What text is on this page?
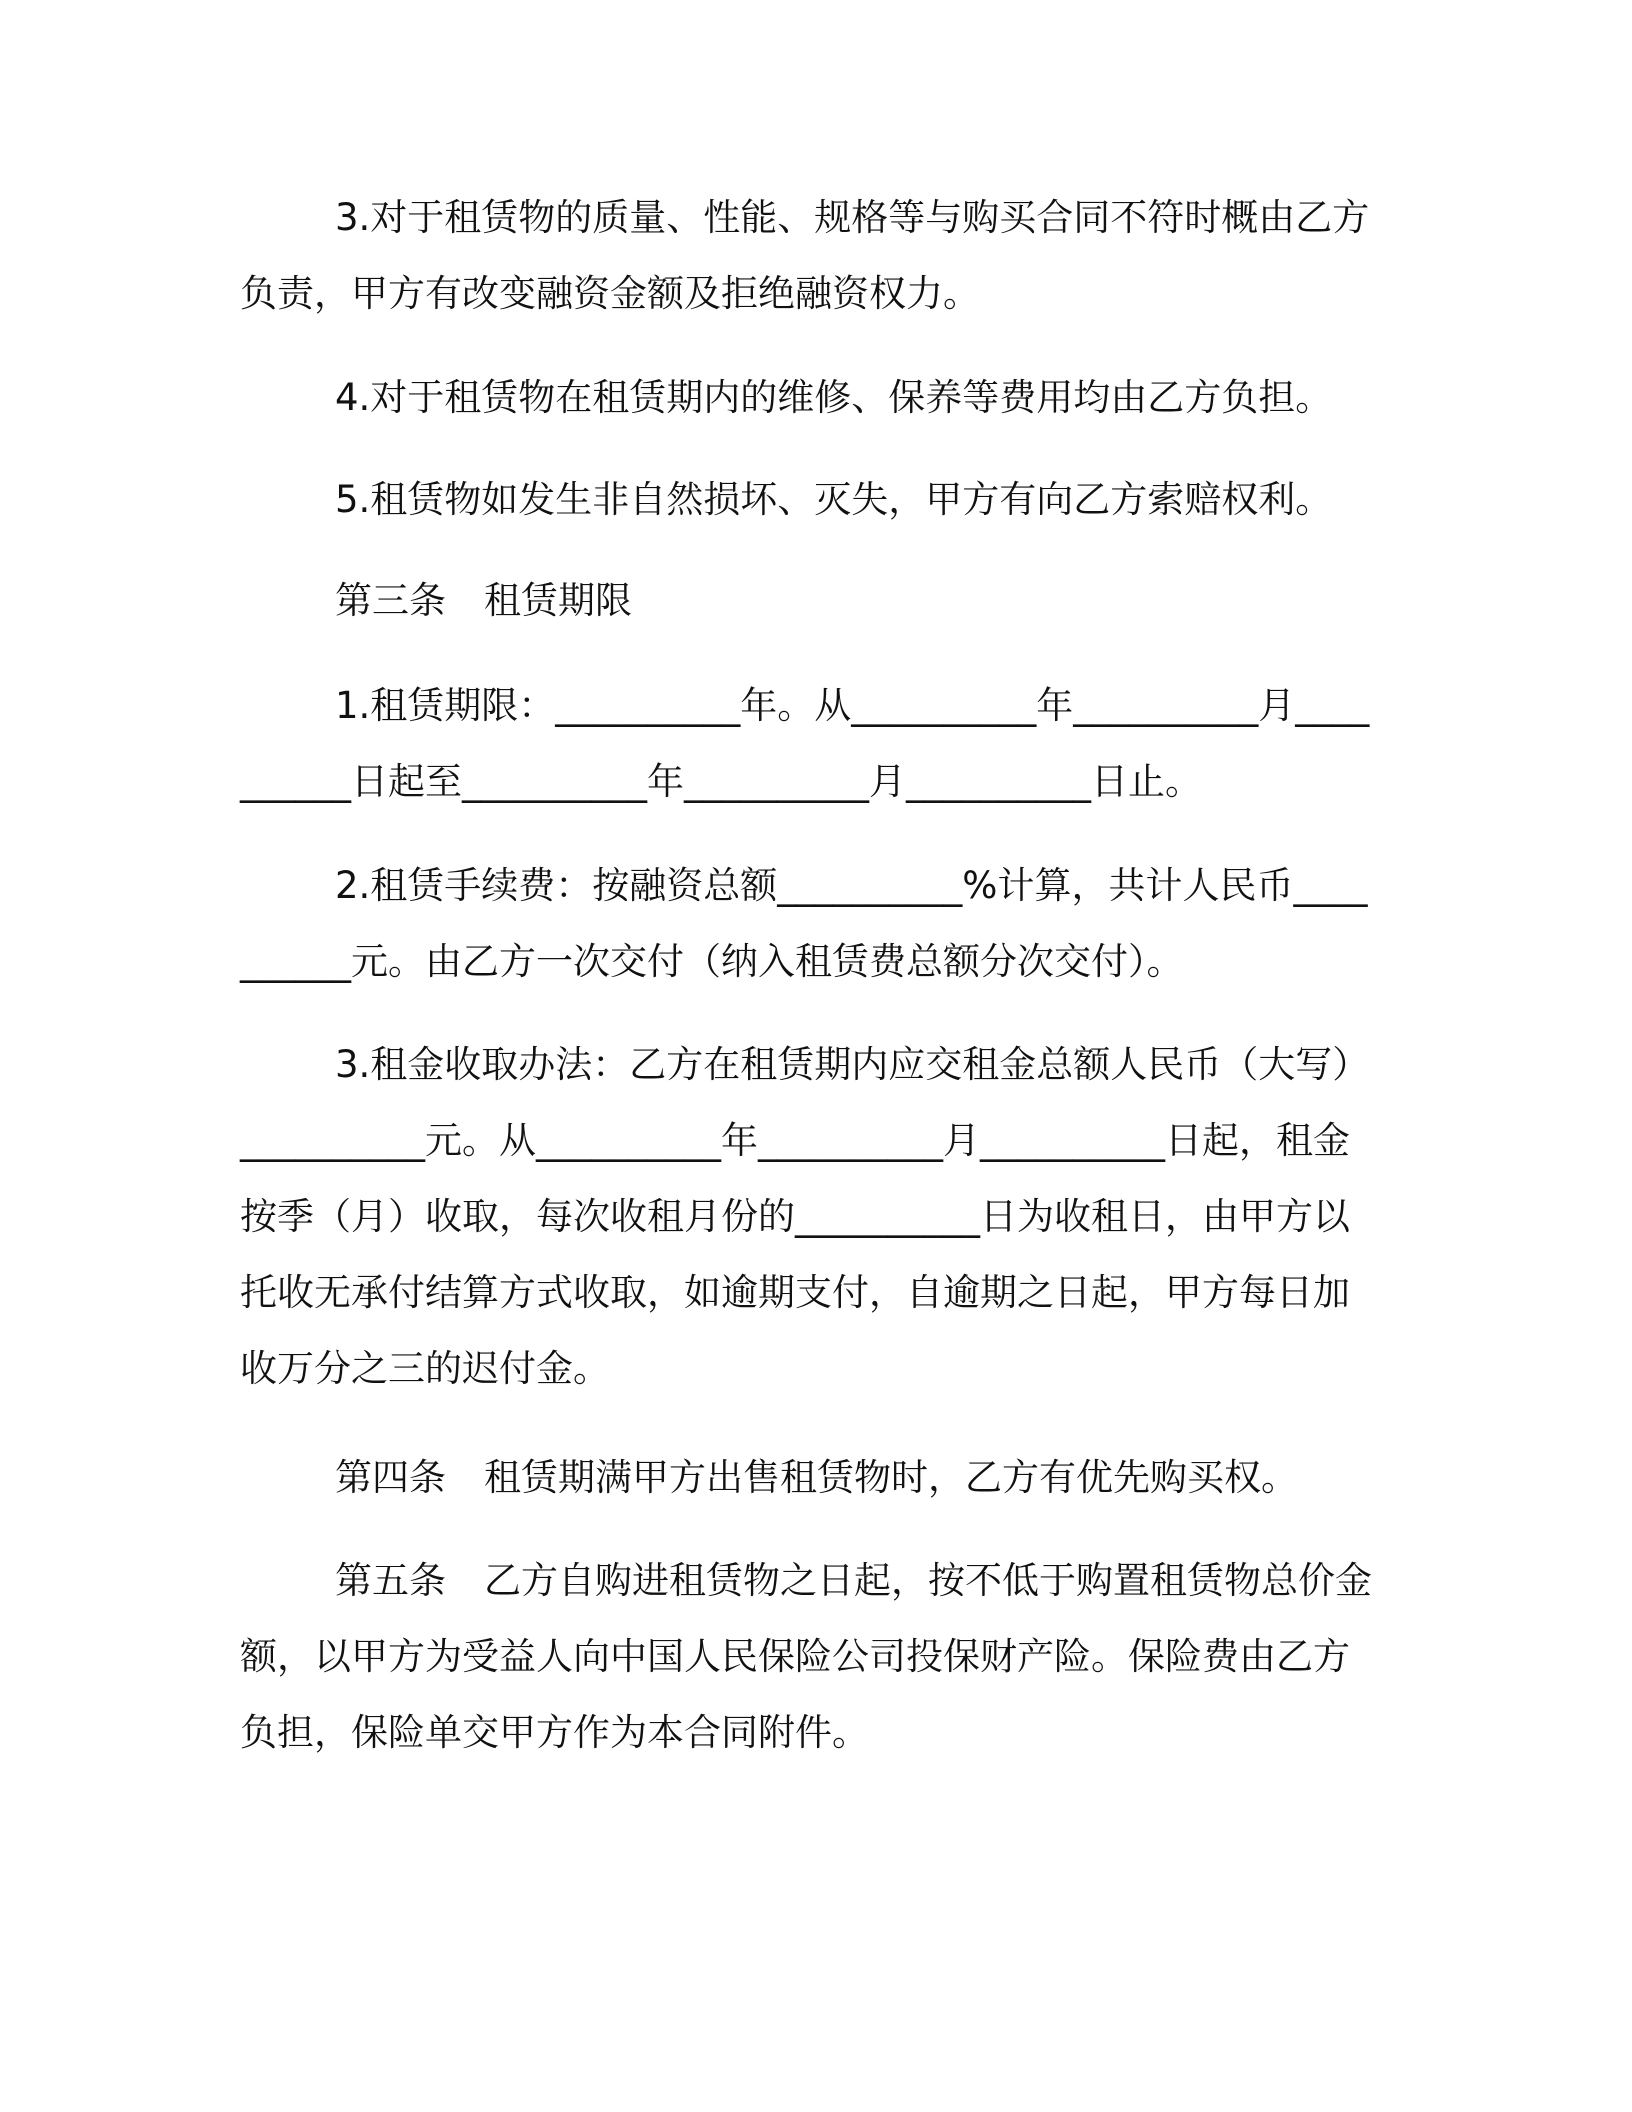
3.对于租赁物的质量、性能、规格等与购买合同不符时概由乙方负责，甲方有改变融资金额及拒绝融资权力。

4.对于租赁物在租赁期内的维修、保养等费用均由乙方负担。

5.租赁物如发生非自然损坏、灭失，甲方有向乙方索赔权利。

第三条 租赁期限

1.租赁期限：__________年。从__________年__________月__________日起至__________年__________月__________日止。

2.租赁手续费：按融资总额__________%计算，共计人民币__________元。由乙方一次交付（纳入租赁费总额分次交付）。

3.租金收取办法：乙方在租赁期内应交租金总额人民币（大写）__________元。从__________年__________月__________日起，租金按季（月）收取，每次收租月份的__________日为收租日，由甲方以托收无承付结算方式收取，如逾期支付，自逾期之日起，甲方每日加收万分之三的迟付金。

第四条 租赁期满甲方出售租赁物时，乙方有优先购买权。

第五条 乙方自购进租赁物之日起，按不低于购置租赁物总价金额，以甲方为受益人向中国人民保险公司投保财产险。保险费由乙方负担，保险单交甲方作为本合同附件。
